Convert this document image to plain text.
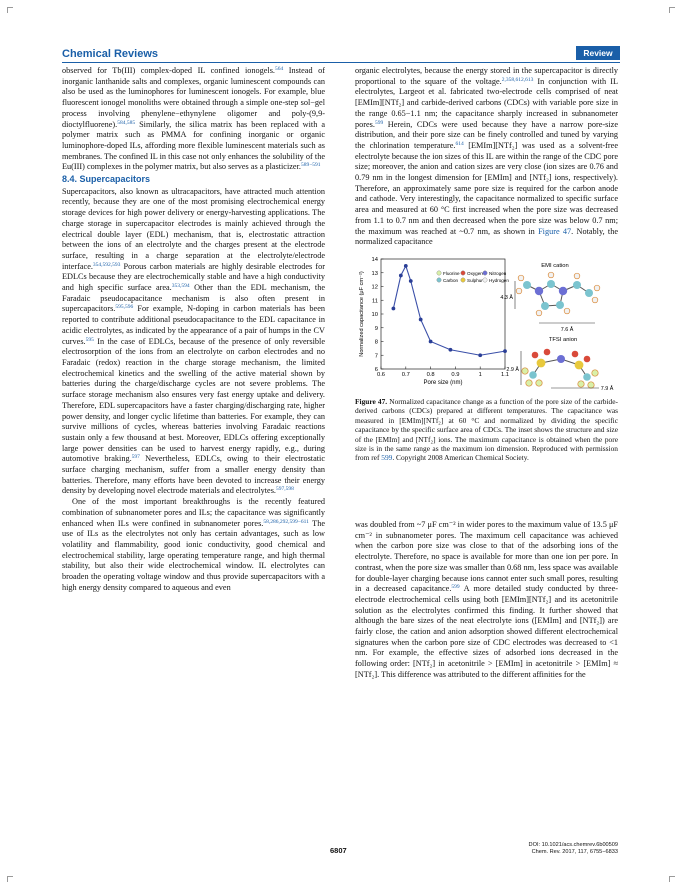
Chemical Reviews	Review

observed for Tb(III) complex-doped IL confined ionogels.$^{564}$ Instead of inorganic lanthanide salts and complexes, organic luminescent compounds can also be used as the luminophores for luminescent ionogels. For example, blue fluorescent ionogel monoliths were obtained through a simple one-step sol−gel process involving phenylene−ethynylene oligomer and poly-(9,9-dioctylfluorene).$^{584,585}$ Similarly, the silica matrix has been replaced with a polymer matrix such as PMMA for confining inorganic or organic luminophore-doped ILs, affording more flexible luminescent materials such as membranes. The confined IL in this case not only enhances the solubility of the Eu(III) complexes in the polymer matrix, but also serves as a plasticizer.$^{589-591}$

8.4. Supercapacitors

Supercapacitors, also known as ultracapacitors, have attracted much attention recently, because they are one of the most promising electrochemical energy storage devices for high power delivery or energy-harvesting applications. The charge storage in supercapacitor electrodes is mainly achieved through the electrical double layer (EDL) mechanism, that is, electrostatic attraction between the ions of an electrolyte and the charges present at the electrode surface, resulting in a charge separation at the electrolyte/electrode interface.$^{354,592,593}$ Porous carbon materials are highly desirable electrodes for EDLCs because they are electrochemically stable and have a high conductivity and high specific surface area.$^{353,594}$ Other than the EDL mechanism, the Faradaic pseudocapacitance mechanism is also often present in supercapacitors.$^{595,596}$ For example, N-doping in carbon materials has been reported to contribute additional pseudocapacitance to the EDL capacitance in acidic electrolytes, as indicated by the appearance of a pair of humps in the CV curves.$^{595}$ In the case of EDLCs, because of the presence of only reversible electrosorption of the ions from an electrolyte on carbon electrodes and no Faradaic (redox) reaction in the charge storage mechanism, the limited electrochemical kinetics and the swelling of the active material shown by batteries during the charge/discharge cycles are not severe problems. The surface storage mechanism also ensures very fast energy uptake and delivery. Therefore, EDL supercapacitors have a faster charging/discharging rate, higher power density, and longer cyclic lifetime than batteries. For example, they can survive millions of cycles, whereas batteries involving Faradaic reactions sustain only a few thousand at best. Moreover, EDLCs offering exceptionally large power densities can be used to harvest energy rapidly, e.g., during automotive braking.$^{597}$ Nevertheless, EDLCs, owing to their electrostatic surface charging mechanism, suffer from a smaller energy density than batteries. Therefore, many efforts have been devoted to increase their energy density by developing novel electrode materials and electrolytes.$^{597,598}$

One of the most important breakthroughs is the recently featured combination of subnanometer pores and ILs; the capacitance was significantly enhanced when ILs were confined in subnanometer pores.$^{58,286,292,599-611}$ The use of ILs as the electrolytes not only has certain advantages, such as low volatility and flammability, good ionic conductivity, good chemical and electrochemical stability, large operating temperature range, and high thermal stability, but also their wide electrochemical window. IL electrolytes can broaden the operating voltage window and thus provide supercapacitors with a high energy density compared to aqueous and even

organic electrolytes, because the energy stored in the supercapacitor is directly proportional to the square of the voltage.$^{2,358,612,613}$ In conjunction with IL electrolytes, Largeot et al. fabricated two-electrode cells comprised of neat [EMIm][NTf₂] and carbide-derived carbons (CDCs) with variable pore size in the range 0.65−1.1 nm; the capacitance sharply increased in subnanometer pores.$^{599}$ Herein, CDCs were used because they have a narrow pore-size distribution, and their pore size can be finely controlled and tuned by varying the chlorination temperature.$^{614}$ [EMIm][NTf₂] was used as a solvent-free electrolyte because the ion sizes of this IL are within the range of the CDC pore size; moreover, the anion and cation sizes are very close (ion sizes are 0.76 and 0.79 nm in the longest dimension for [EMIm] and [NTf₂] ions, respectively). Therefore, an approximately same pore size is required for the carbon anode and cathode. Very interestingly, the capacitance normalized to specific surface area and measured at 60 °C first increased when the pore size was decreased from 1.1 to 0.7 nm and then decreased when the pore size was below 0.7 nm; the maximum was reached at ~0.7 nm, as shown in Figure 47. Notably, the normalized capacitance

0.6	0.7	0.8	0.9	1	1.1
6
7
8
9
10
11
12
13
14
Pore size (nm)
Normalized capacitance (μF cm⁻²)	Fluorine
Carbon
Oxygen
Sulphur
Nitrogen
Hydrogen
EMI cation
4.3 Å
7.6 Å
TFSI anion
2.9 Å
7.9 Å
Figure 47. Normalized capacitance change as a function of the pore size of the carbide-derived carbons (CDCs) prepared at different temperatures. The capacitance was measured in [EMIm][NTf₂] at 60 °C and normalized by dividing the specific capacitance by the specific surface area of CDCs. The inset shows the structure and size of the [EMIm] and [NTf₂] ions. The maximum capacitance is obtained when the pore size is in the same range as the maximum ion dimension. Reproduced with permission from ref 599. Copyright 2008 American Chemical Society.

was doubled from ~7 μF cm⁻² in wider pores to the maximum value of 13.5 μF cm⁻² in subnanometer pores. The maximum cell capacitance was achieved when the carbon pore size was close to that of the adsorbing ions of the electrolyte. Therefore, no space is available for more than one ion per pore. In contrast, when the pore size was smaller than 0.68 nm, less space was available for double-layer charging because ions cannot enter such small pores, resulting in a decreased capacitance.$^{599}$ A more detailed study conducted by three-electrode electrochemical cells using both [EMIm][NTf₂] and its acetonitrile solution as the electrolytes confirmed this finding. It further showed that although the bare sizes of the neat electrolyte ions ([EMIm] and [NTf₂]) are fairly close, the cation and anion adsorption showed different electrochemical signatures when the carbon pore size of CDC electrodes was decreased to <1 nm. For example, the effective sizes of adsorbed ions decreased in the following order: [NTf₂] in acetonitrile > [EMIm] in acetonitrile > [EMIm] ≈ [NTf₂]. This difference was attributed to the different affinities for the

6807
DOI: 10.1021/acs.chemrev.6b00509
Chem. Rev. 2017, 117, 6755−6833
